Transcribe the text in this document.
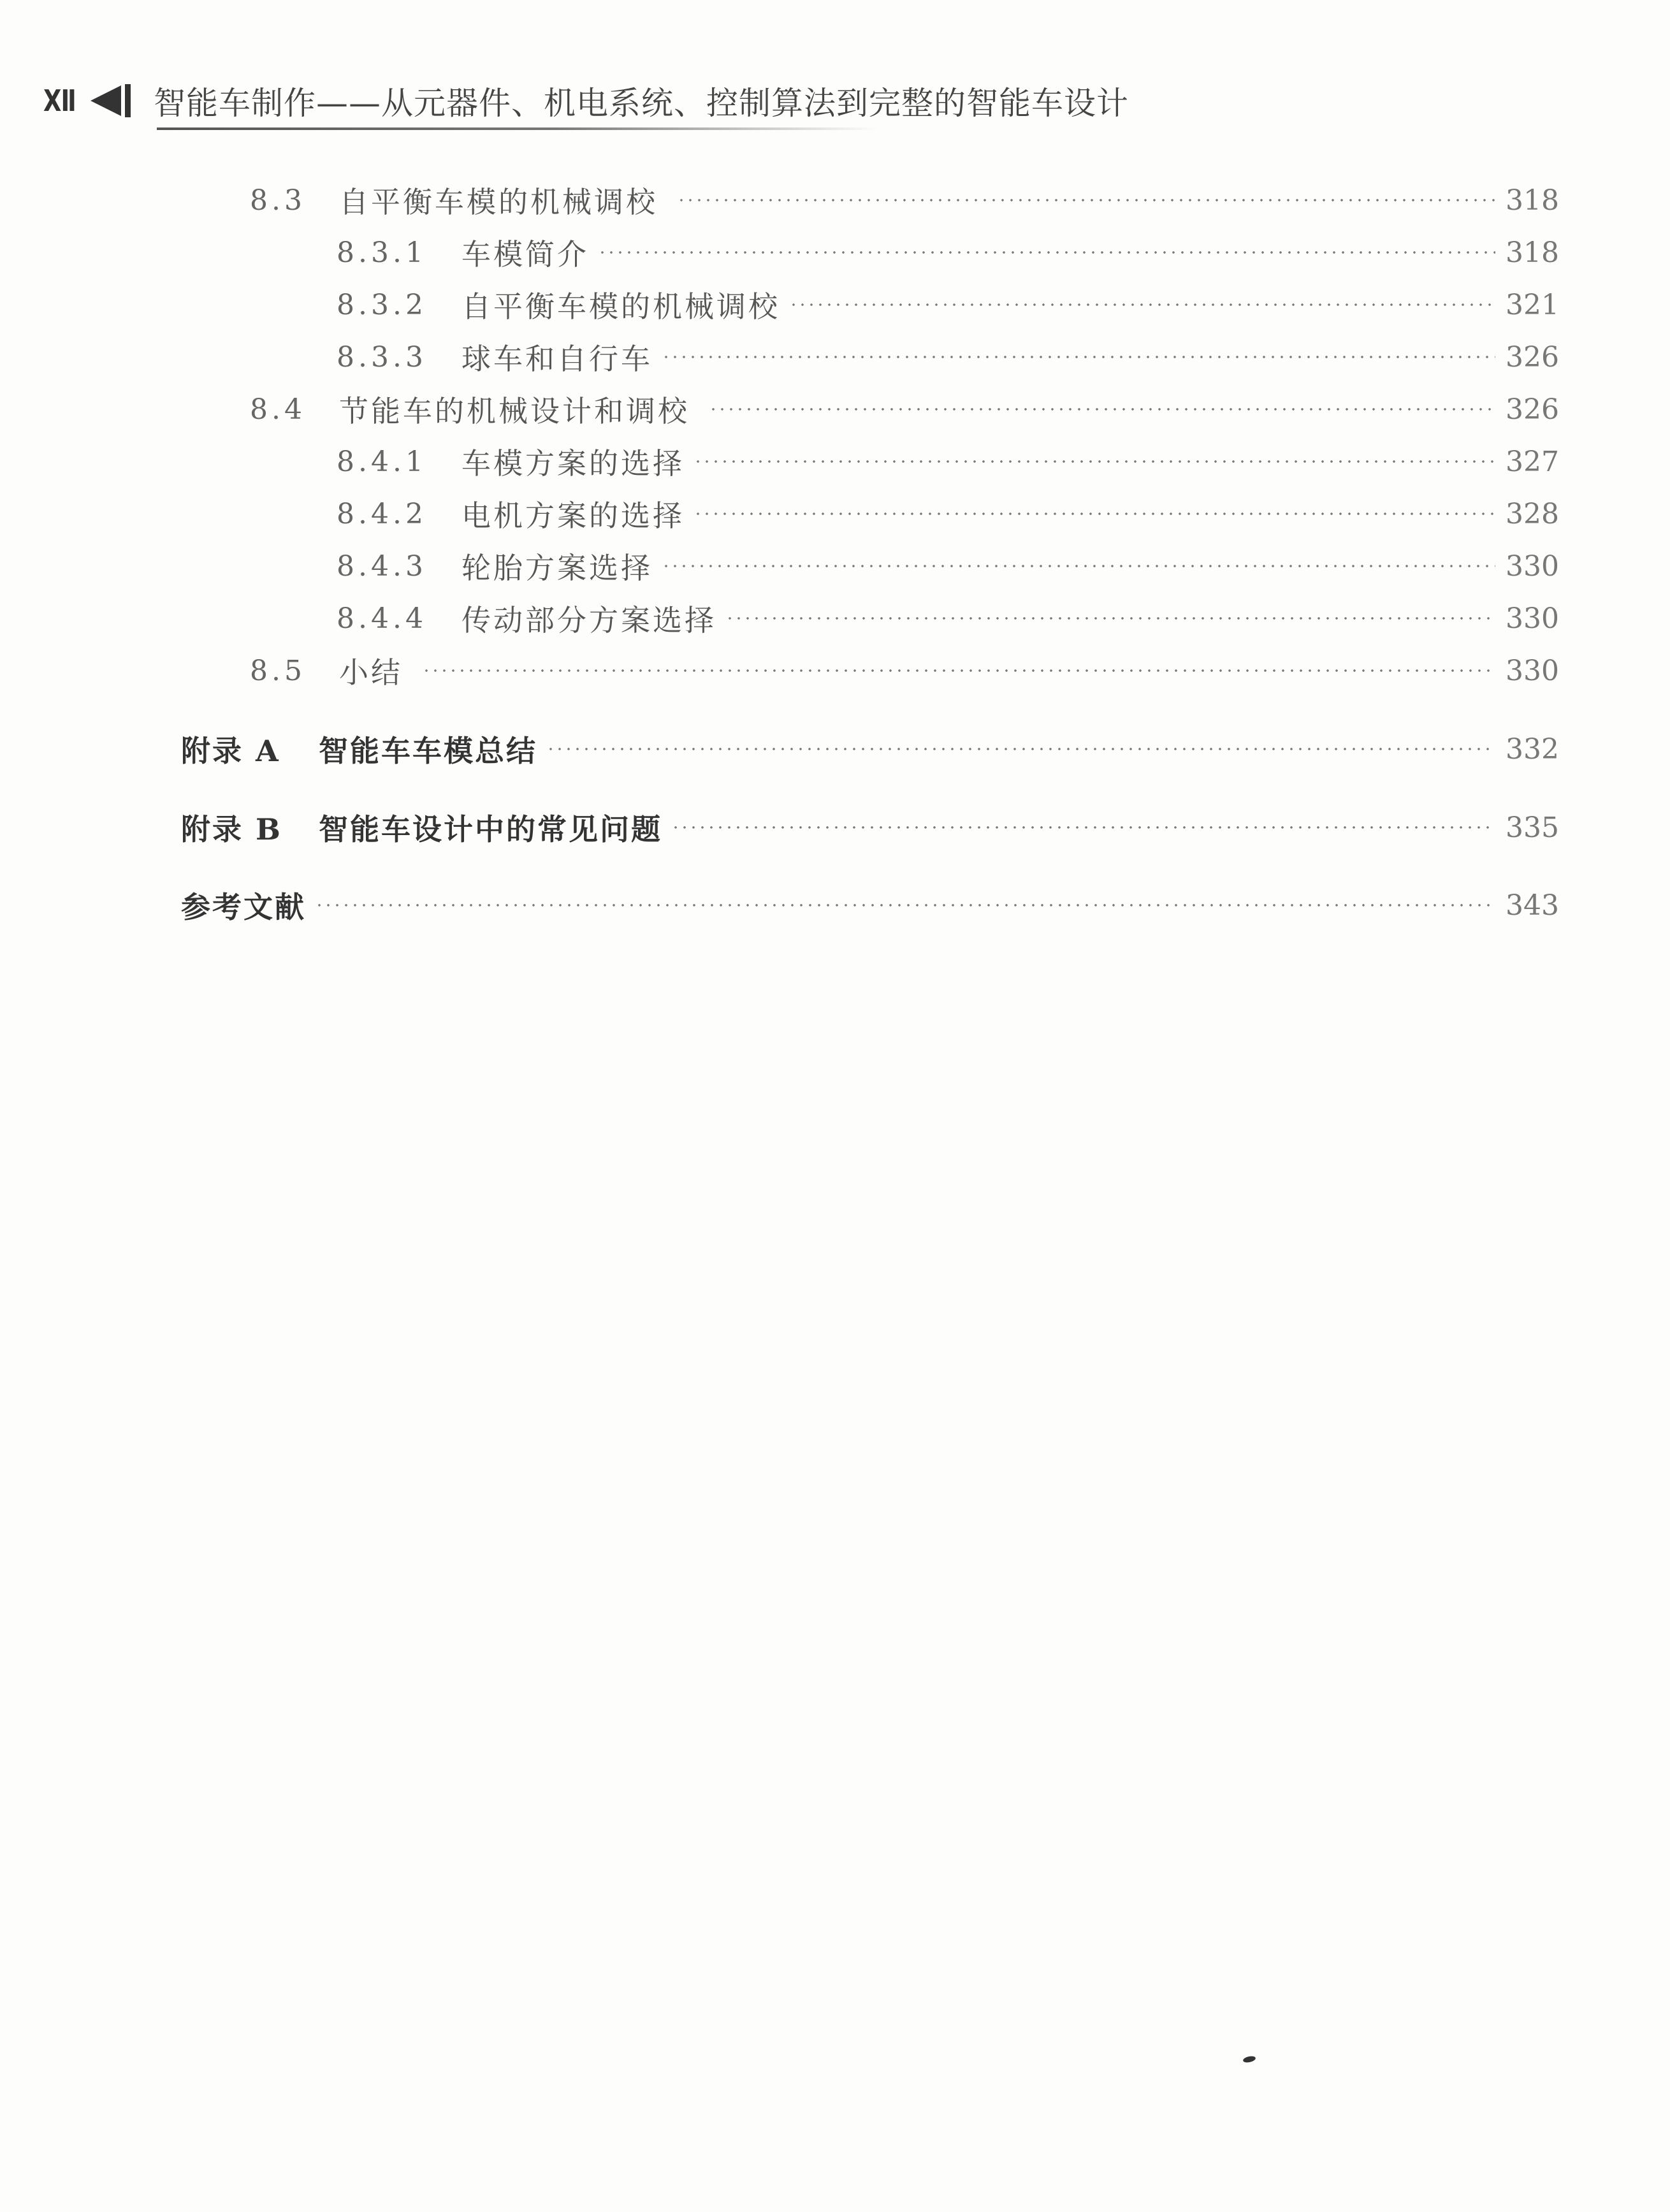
Ⅻ 智能车制作——从元器件、机电系统、控制算法到完整的智能车设计
8.3	自平衡车模的机械调校	318
8.3.1	车模简介	318
8.3.2	自平衡车模的机械调校	321
8.3.3	球车和自行车	326
8.4	节能车的机械设计和调校	326
8.4.1	车模方案的选择	327
8.4.2	电机方案的选择	328
8.4.3	轮胎方案选择	330
8.4.4	传动部分方案选择	330
8.5	小结	330
附录 A	智能车车模总结	332
附录 B	智能车设计中的常见问题	335
参考文献	343
